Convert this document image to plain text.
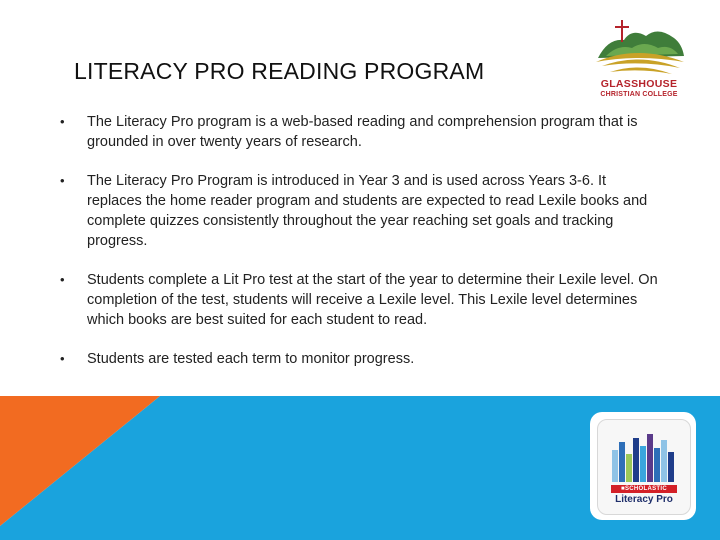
GLASSHOUSE
CHRISTIAN COLLEGE
LITERACY PRO READING PROGRAM
• The Literacy Pro program is a web-based reading and comprehension program that is grounded in over twenty years of research.
• The Literacy Pro Program is introduced in Year 3 and is used across Years 3-6. It replaces the home reader program and students are expected to read Lexile books and complete quizzes consistently throughout the year reaching set goals and tracking progress.
• Students complete a Lit Pro test at the start of the year to determine their Lexile level. On completion of the test, students will receive a Lexile level. This Lexile level determines which books are best suited for each student to read.
• Students are tested each term to monitor progress.
■SCHOLASTIC
Literacy Pro
